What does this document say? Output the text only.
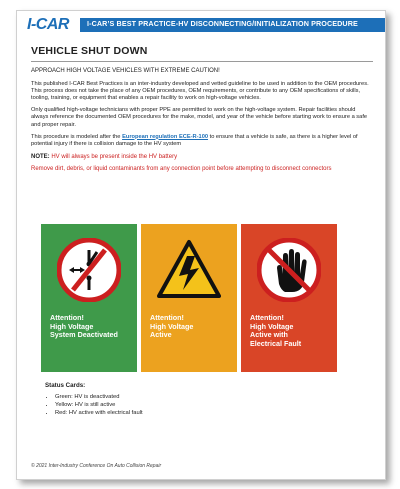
I-CAR	I-CAR’S BEST PRACTICE-HV DISCONNECTING/INITIALIZATION PROCEDURE
VEHICLE SHUT DOWN

APPROACH HIGH VOLTAGE VEHICLES WITH EXTREME CAUTION!

This published I-CAR Best Practices is an inter-industry developed and vetted guideline to be used in addition to the OEM procedures. This process does not take the place of any OEM procedures, OEM requirements, or contribute to any OEM specifications of skills, tooling, training, or equipment that enables a repair facility to work on high-voltage vehicles.

Only qualified high-voltage technicians with proper PPE are permitted to work on the high-voltage system. Repair facilities should always reference the documented OEM procedures for the make, model, and year of the vehicle before starting work to ensure a safe and proper repair.

This procedure is modeled after the European regulation ECE-R-100 to ensure that a vehicle is safe, as there is a higher level of potential injury if there is collision damage to the HV system

NOTE: HV will always be present inside the HV battery

Remove dirt, debris, or liquid contaminants from any connection point before attempting to disconnect connectors

Attention!
High Voltage
System Deactivated
Attention!
High Voltage
Active
Attention!
High Voltage
Active with
Electrical Fault
Status Cards:
• Green: HV is deactivated
• Yellow: HV is still active
• Red: HV active with electrical fault
© 2021 Inter-Industry Conference On Auto Collision Repair
